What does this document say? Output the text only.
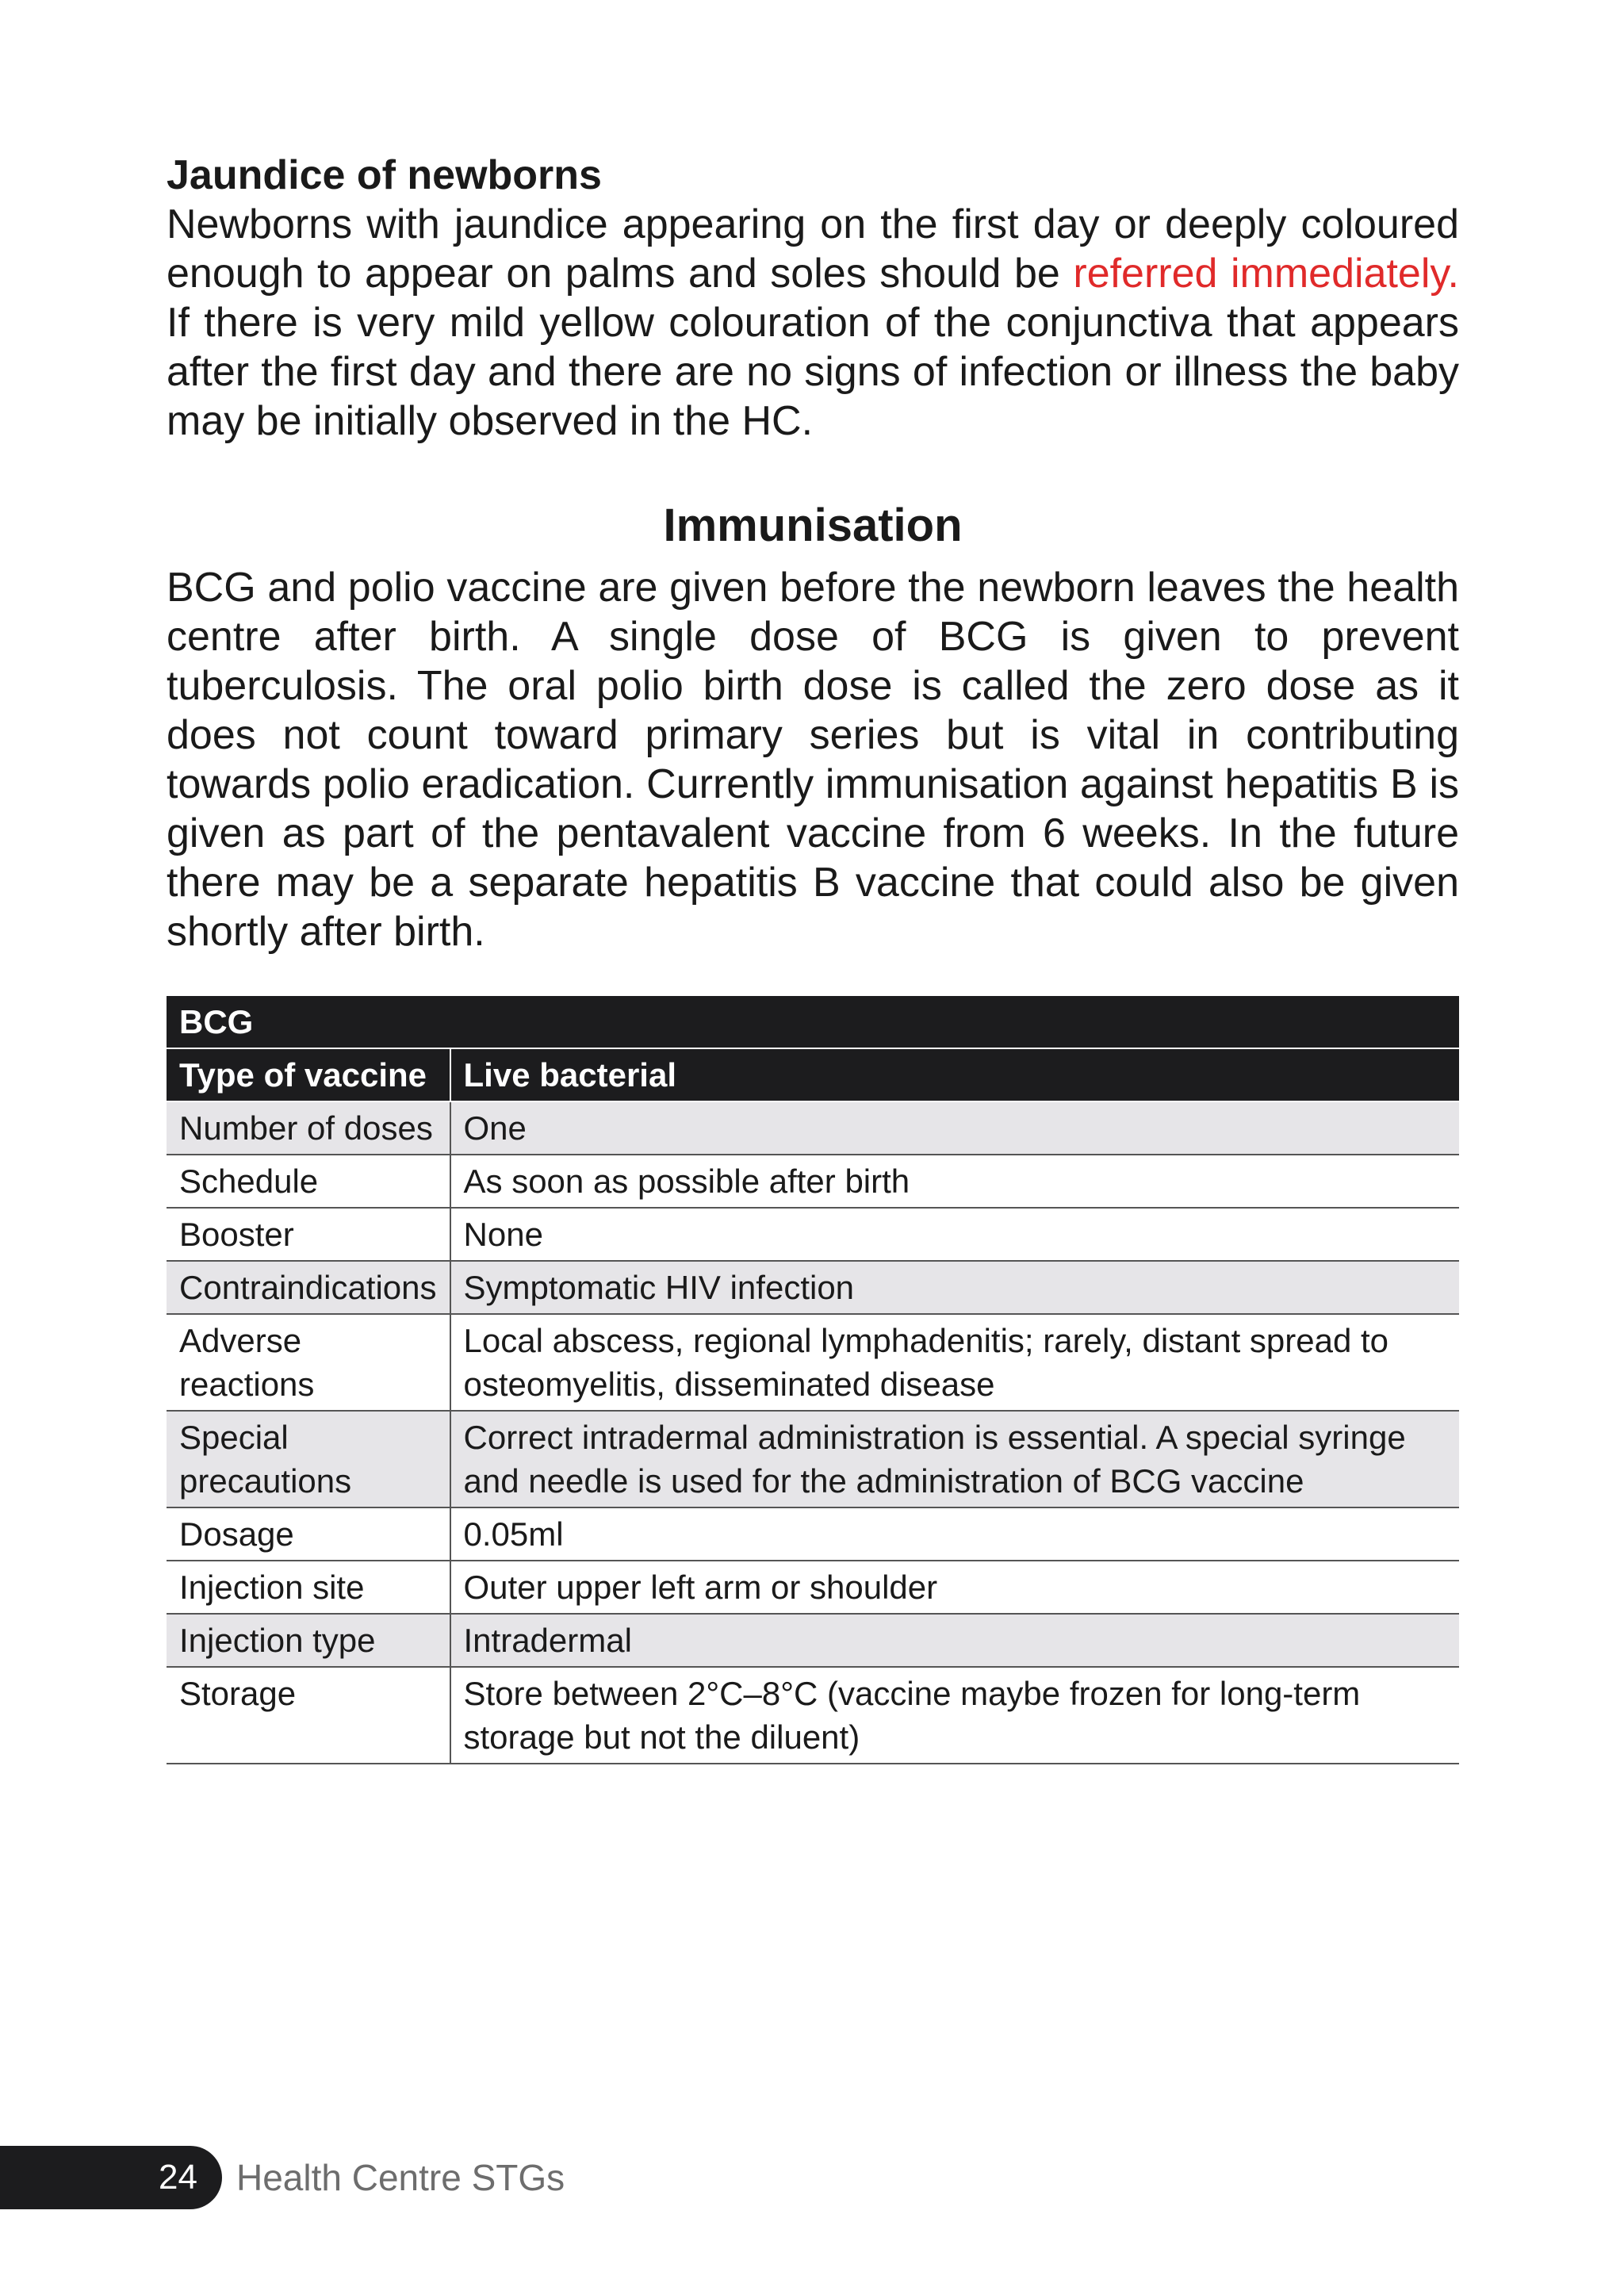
Jaundice of newborns

Newborns with jaundice appearing on the first day or deeply coloured enough to appear on palms and soles should be referred immediately. If there is very mild yellow colouration of the conjunctiva that appears after the first day and there are no signs of infection or illness the baby may be initially observed in the HC.

Immunisation

BCG and polio vaccine are given before the newborn leaves the health centre after birth. A single dose of BCG is given to prevent tuberculosis. The oral polio birth dose is called the zero dose as it does not count toward primary series but is vital in contributing towards polio eradication. Currently immunisation against hepatitis B is given as part of the pentavalent vaccine from 6 weeks. In the future there may be a separate hepatitis B vaccine that could also be given shortly after birth.

BCG	
Type of vaccine	Live bacterial
Number of doses	One
Schedule	As soon as possible after birth
Booster	None
Contraindications	Symptomatic HIV infection
Adverse reactions	Local abscess, regional lymphadenitis; rarely, distant spread to osteomyelitis, disseminated disease
Special precautions	Correct intradermal administration is essential. A special syringe and needle is used for the administration of BCG vaccine
Dosage	0.05ml
Injection site	Outer upper left arm or shoulder
Injection type	Intradermal
Storage	Store between 2°C–8°C (vaccine maybe frozen for long-term storage but not the diluent)
24 Health Centre STGs
